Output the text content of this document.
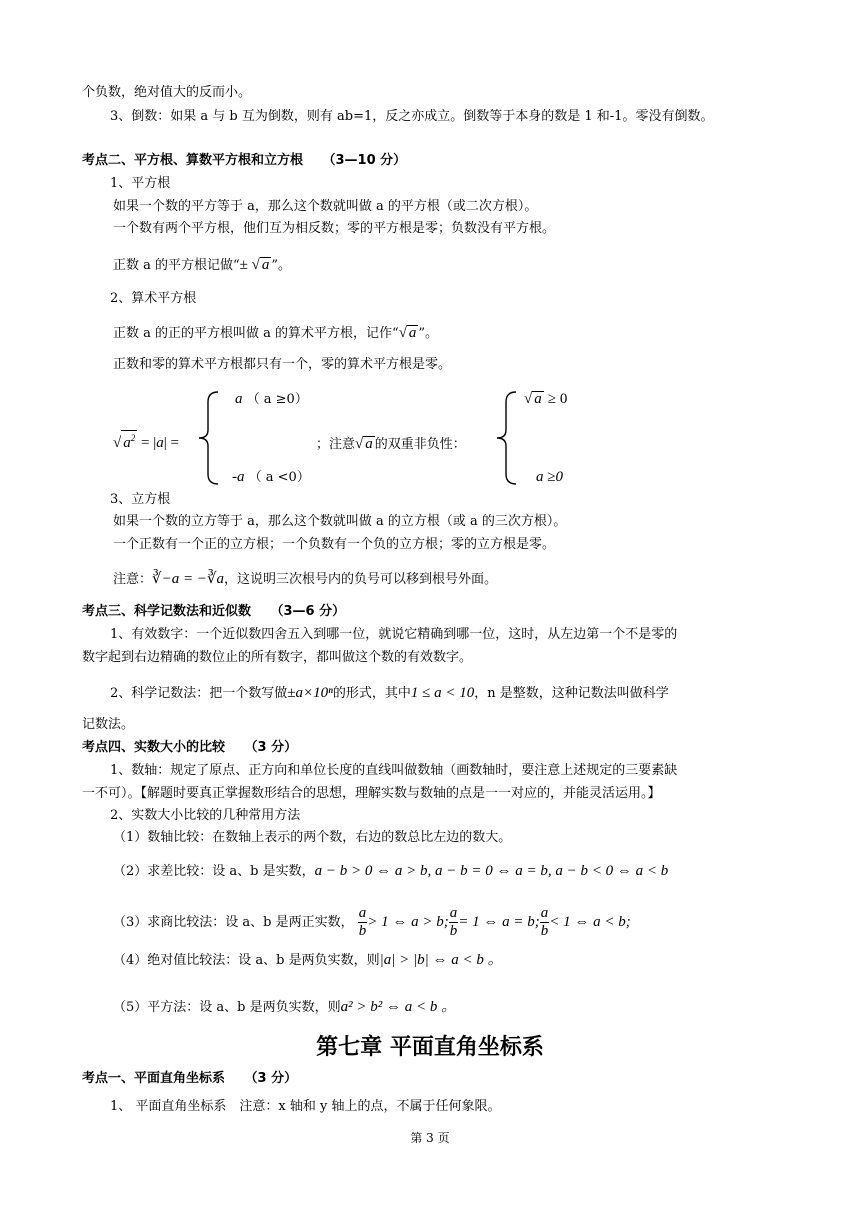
个负数，绝对值大的反而小。
3、倒数：如果 a 与 b 互为倒数，则有 ab=1，反之亦成立。倒数等于本身的数是 1 和-1。零没有倒数。
考点二、平方根、算数平方根和立方根　　（3—10 分）
1、平方根
如果一个数的平方等于 a，那么这个数就叫做 a 的平方根（或二次方根）。
一个数有两个平方根，他们互为相反数；零的平方根是零；负数没有平方根。
正数 a 的平方根记做“± √ a ”。
2、算术平方根
正数 a 的正的平方根叫做 a 的算术平方根，记作“√ a ”。
正数和零的算术平方根都只有一个，零的算术平方根是零。
√ $a^2 = |a|$ =
a （ a ≥0）
-a （ a <0）
；注意√ a 的双重非负性：
√ a ≥ 0
a ≥0
3、立方根
如果一个数的立方等于 a，那么这个数就叫做 a 的立方根（或 a 的三次方根）。
一个正数有一个正的立方根；一个负数有一个负的立方根；零的立方根是零。
注意：∛−a = −∛a，这说明三次根号内的负号可以移到根号外面。
考点三、科学记数法和近似数　　（3—6 分）
1、有效数字：一个近似数四舍五入到哪一位，就说它精确到哪一位，这时，从左边第一个不是零的
数字起到右边精确的数位止的所有数字，都叫做这个数的有效数字。
2、科学记数法：把一个数写做±a×10ⁿ的形式，其中1 ≤ a < 10，n 是整数，这种记数法叫做科学
记数法。
考点四、实数大小的比较　　（3 分）
1、数轴：规定了原点、正方向和单位长度的直线叫做数轴（画数轴时，要注意上述规定的三要素缺
一不可）。【解题时要真正掌握数形结合的思想，理解实数与数轴的点是一一对应的，并能灵活运用。】
2、实数大小比较的几种常用方法
（1）数轴比较：在数轴上表示的两个数，右边的数总比左边的数大。
（2）求差比较：设 a、b 是实数，a − b > 0 ⇔ a > b, a − b = 0 ⇔ a = b, a − b < 0 ⇔ a < b
（3）求商比较法：设 a、b 是两正实数， $\frac{a}{b} > 1$ ⇔ a > b; $\frac{a}{b} = 1$ ⇔ a = b; $\frac{a}{b} < 1$ ⇔ a < b;
（4）绝对值比较法：设 a、b 是两负实数，则|a| > |b| ⇔ a < b 。
（5）平方法：设 a、b 是两负实数，则a² > b² ⇔ a < b 。
第七章 平面直角坐标系
考点一、平面直角坐标系　　（3 分）
1、 平面直角坐标系　注意：x 轴和 y 轴上的点，不属于任何象限。
第 3 页
